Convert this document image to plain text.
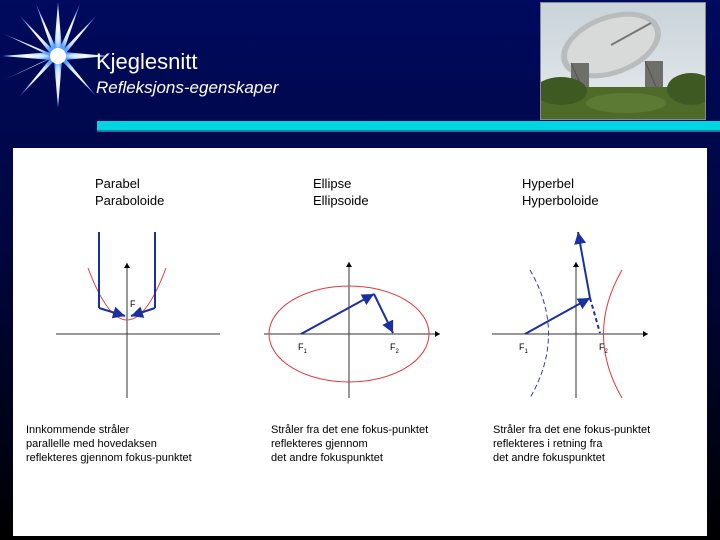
Kjeglesnitt
Refleksjons-egenskaper
Parabel
Paraboloide
Ellipse
Ellipsoide
Hyperbel
Hyperboloide
F
$F_1$	$F_2$	$F_1$	$F_2$
Innkommende stråler
parallelle med hovedaksen
reflekteres gjennom fokus-punktet
Stråler fra det ene fokus-punktet
reflekteres gjennom
det andre fokuspunktet
Stråler fra det ene fokus-punktet
reflekteres i retning fra
det andre fokuspunktet
